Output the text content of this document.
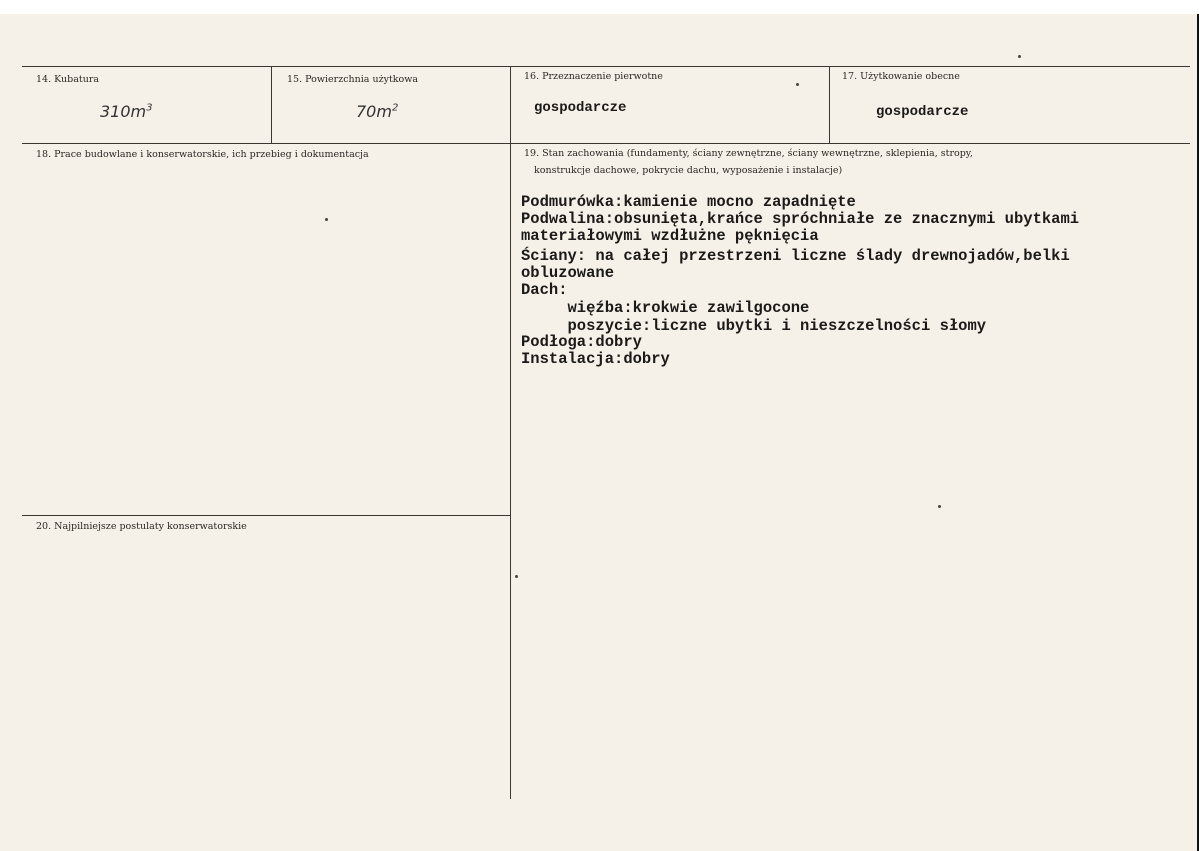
14. Kubatura
$310m^3$
15. Powierzchnia użytkowa
$70m^2$
16. Przeznaczenie pierwotne
gospodarcze
17. Użytkowanie obecne
gospodarcze
18. Prace budowlane i konserwatorskie, ich przebieg i dokumentacja	19. Stan zachowania (fundamenty, ściany zewnętrzne, ściany wewnętrzne, sklepienia, stropy,
konstrukcje dachowe, pokrycie dachu, wyposażenie i instalacje)
Podmurówka:kamienie mocno zapadnięte
Podwalina:obsunięta,krańce spróchniałe ze znacznymi ubytkami
materiałowymi wzdłużne pęknięcia
Ściany: na całej przestrzeni liczne ślady drewnojadów,belki
obluzowane
Dach:
więźba:krokwie zawilgocone
poszycie:liczne ubytki i nieszczelności słomy
Podłoga:dobry
Instalacja:dobry
20. Najpilniejsze postulaty konserwatorskie
